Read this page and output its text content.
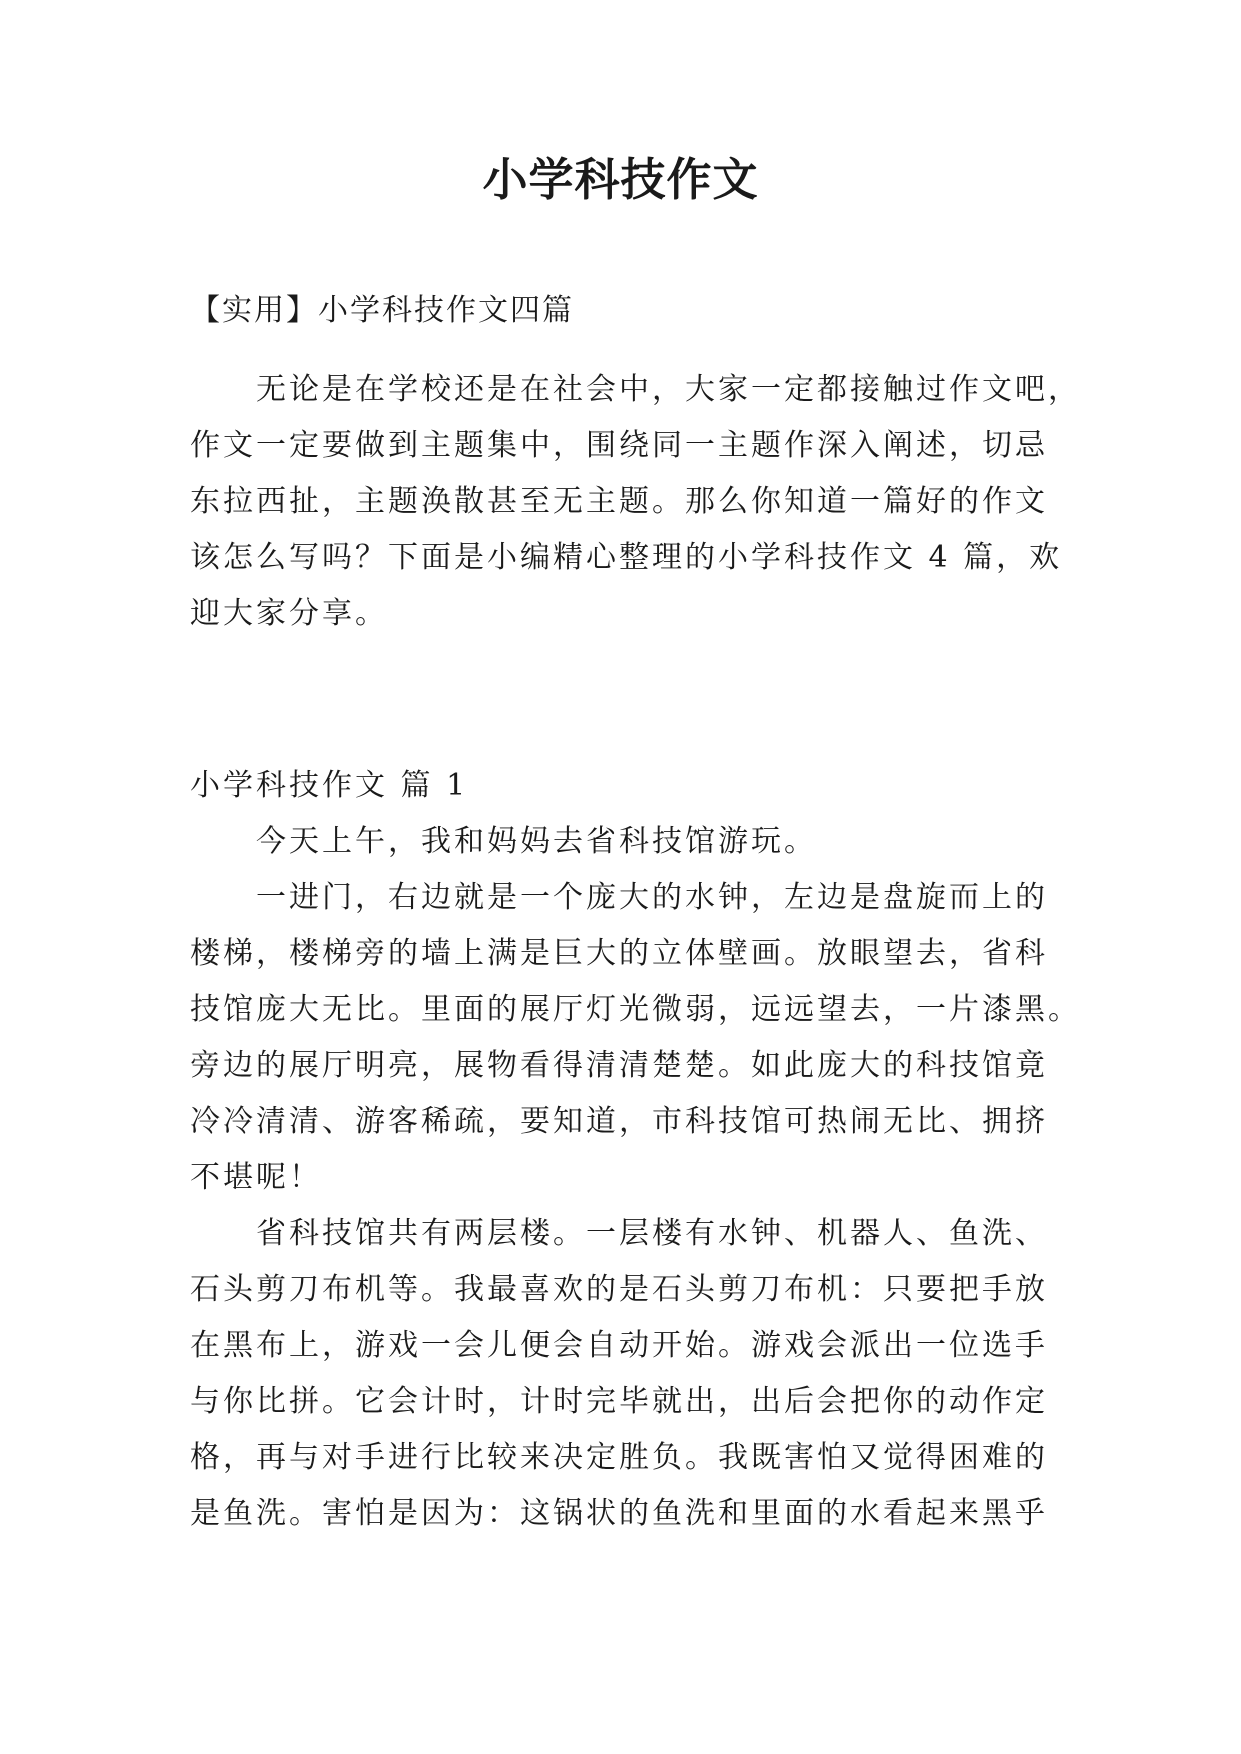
小学科技作文
【实用】小学科技作文四篇
无论是在学校还是在社会中，大家一定都接触过作文吧，
作文一定要做到主题集中，围绕同一主题作深入阐述，切忌
东拉西扯，主题涣散甚至无主题。那么你知道一篇好的作文
该怎么写吗？下面是小编精心整理的小学科技作文 4 篇，欢
迎大家分享。
小学科技作文 篇 1
今天上午，我和妈妈去省科技馆游玩。
一进门，右边就是一个庞大的水钟，左边是盘旋而上的
楼梯，楼梯旁的墙上满是巨大的立体壁画。放眼望去，省科
技馆庞大无比。里面的展厅灯光微弱，远远望去，一片漆黑。
旁边的展厅明亮，展物看得清清楚楚。如此庞大的科技馆竟
冷冷清清、游客稀疏，要知道，市科技馆可热闹无比、拥挤
不堪呢！
省科技馆共有两层楼。一层楼有水钟、机器人、鱼洗、
石头剪刀布机等。我最喜欢的是石头剪刀布机：只要把手放
在黑布上，游戏一会儿便会自动开始。游戏会派出一位选手
与你比拼。它会计时，计时完毕就出，出后会把你的动作定
格，再与对手进行比较来决定胜负。我既害怕又觉得困难的
是鱼洗。害怕是因为：这锅状的鱼洗和里面的水看起来黑乎
